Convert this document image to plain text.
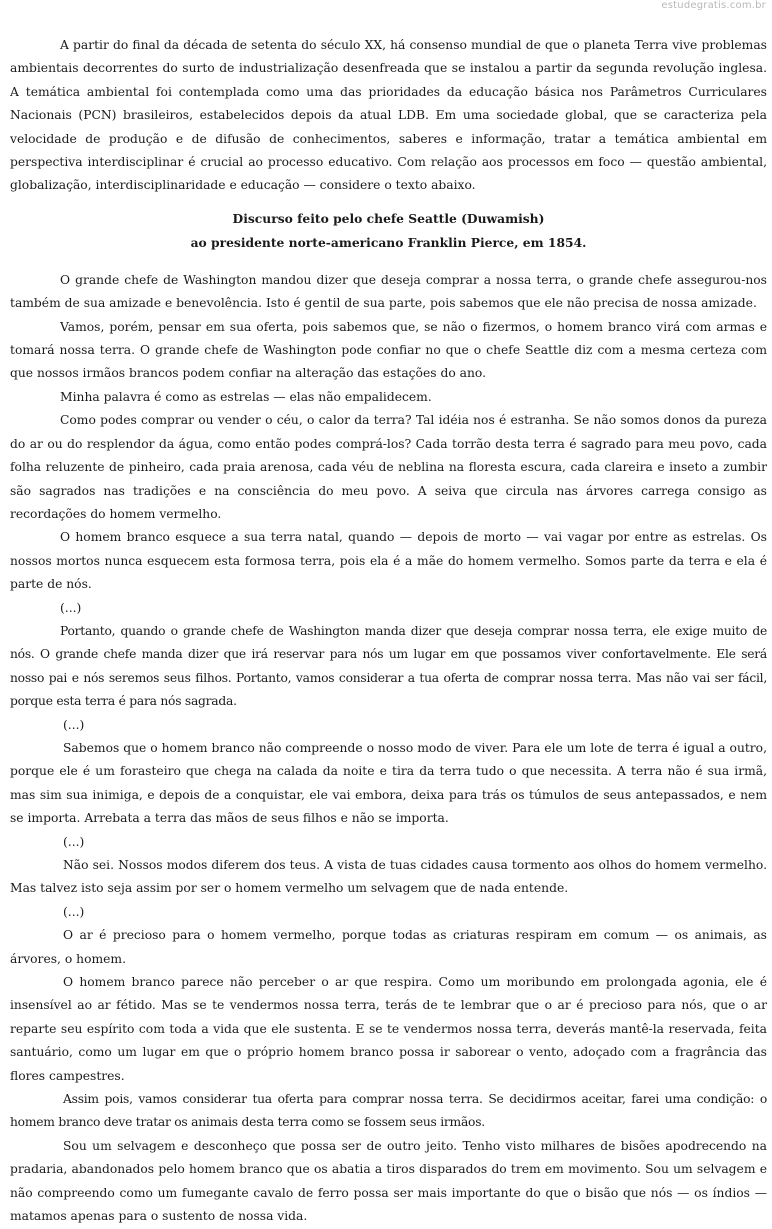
estudegratis.com.br

A partir do final da década de setenta do século XX, há consenso mundial de que o planeta Terra vive problemas ambientais decorrentes do surto de industrialização desenfreada que se instalou a partir da segunda revolução inglesa. A temática ambiental foi contemplada como uma das prioridades da educação básica nos Parâmetros Curriculares Nacionais (PCN) brasileiros, estabelecidos depois da atual LDB. Em uma sociedade global, que se caracteriza pela velocidade de produção e de difusão de conhecimentos, saberes e informação, tratar a temática ambiental em perspectiva interdisciplinar é crucial ao processo educativo. Com relação aos processos em foco — questão ambiental, globalização, interdisciplinaridade e educação — considere o texto abaixo.

Discurso feito pelo chefe Seattle (Duwamish)
ao presidente norte-americano Franklin Pierce, em 1854.

O grande chefe de Washington mandou dizer que deseja comprar a nossa terra, o grande chefe assegurou-nos também de sua amizade e benevolência. Isto é gentil de sua parte, pois sabemos que ele não precisa de nossa amizade.

Vamos, porém, pensar em sua oferta, pois sabemos que, se não o fizermos, o homem branco virá com armas e tomará nossa terra. O grande chefe de Washington pode confiar no que o chefe Seattle diz com a mesma certeza com que nossos irmãos brancos podem confiar na alteração das estações do ano.

Minha palavra é como as estrelas — elas não empalidecem.

Como podes comprar ou vender o céu, o calor da terra? Tal idéia nos é estranha. Se não somos donos da pureza do ar ou do resplendor da água, como então podes comprá-los? Cada torrão desta terra é sagrado para meu povo, cada folha reluzente de pinheiro, cada praia arenosa, cada véu de neblina na floresta escura, cada clareira e inseto a zumbir são sagrados nas tradições e na consciência do meu povo. A seiva que circula nas árvores carrega consigo as recordações do homem vermelho.

O homem branco esquece a sua terra natal, quando — depois de morto — vai vagar por entre as estrelas. Os nossos mortos nunca esquecem esta formosa terra, pois ela é a mãe do homem vermelho. Somos parte da terra e ela é parte de nós.

(...)

Portanto, quando o grande chefe de Washington manda dizer que deseja comprar nossa terra, ele exige muito de nós. O grande chefe manda dizer que irá reservar para nós um lugar em que possamos viver confortavelmente. Ele será nosso pai e nós seremos seus filhos. Portanto, vamos considerar a tua oferta de comprar nossa terra. Mas não vai ser fácil, porque esta terra é para nós sagrada.

(...)

Sabemos que o homem branco não compreende o nosso modo de viver. Para ele um lote de terra é igual a outro, porque ele é um forasteiro que chega na calada da noite e tira da terra tudo o que necessita. A terra não é sua irmã, mas sim sua inimiga, e depois de a conquistar, ele vai embora, deixa para trás os túmulos de seus antepassados, e nem se importa. Arrebata a terra das mãos de seus filhos e não se importa.

(...)

Não sei. Nossos modos diferem dos teus. A vista de tuas cidades causa tormento aos olhos do homem vermelho. Mas talvez isto seja assim por ser o homem vermelho um selvagem que de nada entende.

(...)

O ar é precioso para o homem vermelho, porque todas as criaturas respiram em comum — os animais, as árvores, o homem.

O homem branco parece não perceber o ar que respira. Como um moribundo em prolongada agonia, ele é insensível ao ar fétido. Mas se te vendermos nossa terra, terás de te lembrar que o ar é precioso para nós, que o ar reparte seu espírito com toda a vida que ele sustenta. E se te vendermos nossa terra, deverás mantê-la reservada, feita santuário, como um lugar em que o próprio homem branco possa ir saborear o vento, adoçado com a fragrância das flores campestres.

Assim pois, vamos considerar tua oferta para comprar nossa terra. Se decidirmos aceitar, farei uma condição: o homem branco deve tratar os animais desta terra como se fossem seus irmãos.

Sou um selvagem e desconheço que possa ser de outro jeito. Tenho visto milhares de bisões apodrecendo na pradaria, abandonados pelo homem branco que os abatia a tiros disparados do trem em movimento. Sou um selvagem e não compreendo como um fumegante cavalo de ferro possa ser mais importante do que o bisão que nós — os índios — matamos apenas para o sustento de nossa vida.
